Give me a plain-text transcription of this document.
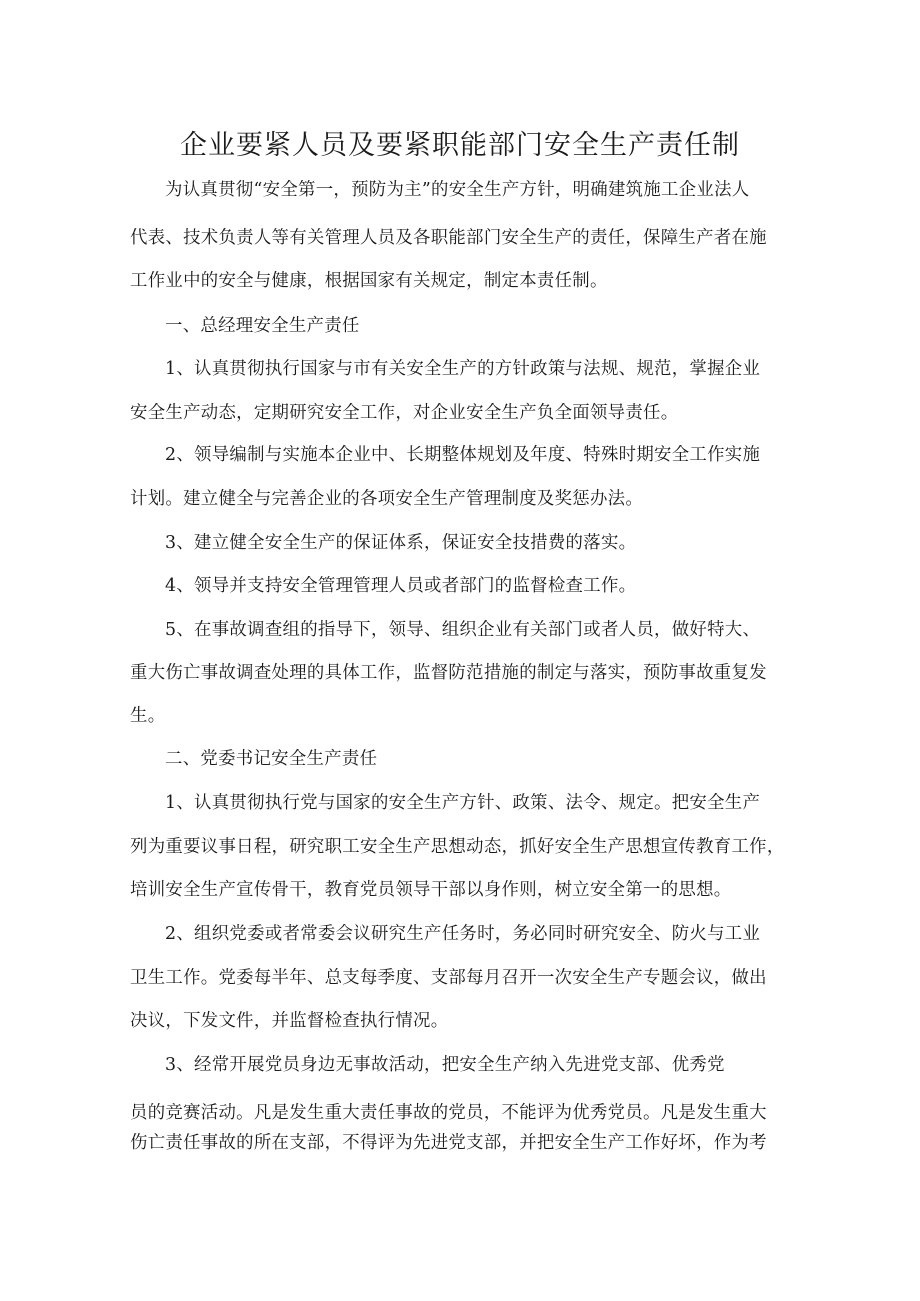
企业要紧人员及要紧职能部门安全生产责任制
为认真贯彻“安全第一，预防为主”的安全生产方针，明确建筑施工企业法人
代表、技术负责人等有关管理人员及各职能部门安全生产的责任，保障生产者在施
工作业中的安全与健康，根据国家有关规定，制定本责任制。
一、总经理安全生产责任
1、认真贯彻执行国家与市有关安全生产的方针政策与法规、规范，掌握企业
安全生产动态，定期研究安全工作，对企业安全生产负全面领导责任。
2、领导编制与实施本企业中、长期整体规划及年度、特殊时期安全工作实施
计划。建立健全与完善企业的各项安全生产管理制度及奖惩办法。
3、建立健全安全生产的保证体系，保证安全技措费的落实。
4、领导并支持安全管理管理人员或者部门的监督检查工作。
5、在事故调查组的指导下，领导、组织企业有关部门或者人员，做好特大、
重大伤亡事故调查处理的具体工作，监督防范措施的制定与落实，预防事故重复发
生。
二、党委书记安全生产责任
1、认真贯彻执行党与国家的安全生产方针、政策、法令、规定。把安全生产
列为重要议事日程，研究职工安全生产思想动态，抓好安全生产思想宣传教育工作，
培训安全生产宣传骨干，教育党员领导干部以身作则，树立安全第一的思想。
2、组织党委或者常委会议研究生产任务时，务必同时研究安全、防火与工业
卫生工作。党委每半年、总支每季度、支部每月召开一次安全生产专题会议，做出
决议，下发文件，并监督检查执行情况。
3、经常开展党员身边无事故活动，把安全生产纳入先进党支部、优秀党
员的竞赛活动。凡是发生重大责任事故的党员，不能评为优秀党员。凡是发生重大
伤亡责任事故的所在支部，不得评为先进党支部，并把安全生产工作好坏，作为考
